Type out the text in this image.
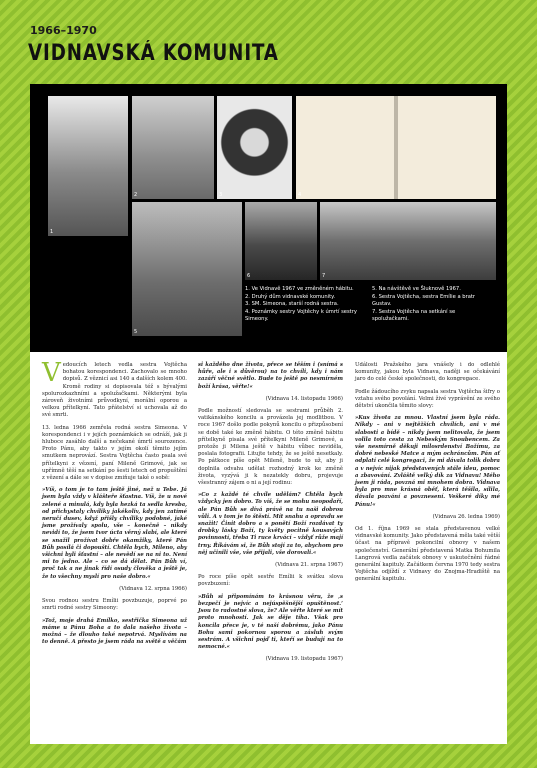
1966–1970
VIDNAVSKÁ KOMUNITA
1
2	3	4
5
6	7
1. Ve Vidnavě 1967 ve změněném hábitu.
2. Druhý dům vidnavské komunity.
3. SM. Simeona, starší rodná sestra.
4. Poznámky sestry Vojtěchy k úmrtí sestry Simeony.
5. Na návštěvě ve Šluknově 1967.
6. Sestra Vojtěcha, sestra Emílie a bratr Gustav.
7. Sestra Vojtěcha na setkání se spolužačkami.

Vedoucích letech vedla sestra Vojtěcha bohatou korespondenci. Zachovalo se mnoho dopisů. Z věznicí asi 140 a dalších kolem 400. Kromě rodiny si dopisovala též s bývalými spolurozkazhními a spolužačkami. Některými byla zároveň životními průvodkyní, morální oporou a velkou přítelkyní. Tato přátelství si uchovala až do své smrti.

13. ledna 1966 zemřela rodná sestra Simeona. V korespondenci i v jejích poznámkách se odráží, jak ji hluboce zasáhlo další a nečekané úmrtí sourozence. Proto Pánu, aby takto v jejím okolí těmito jejím smutkem neprovází. Sestra Vojtěcha často psala své přítelkyni z vězení, paní Mileně Grimové, jak se upřímně těší na setkání po šesti letech od propuštění z vězení a dále se v dopise zmiňuje také o sobě:

»Víš, o tom je to tam ještě jiné, než u Tebe. Já jsem byla vždy v klášteře šťastna. Víš, že u nové zelené a minulá, kdy byla hezká ta sedla kresba, od přichystaly chvíliky jakékoliv, kdy jen zatímé neručí dusev, když přišly chvíliky podobné, jaké jsme prožívaly spolu, vše – konečně – nikdy nevidí to, že jsem tvor úcta věrný slabí, ale které se snažil prožívat dobře okamžiky, které Pán Bůh posílá či dopouští. Chtěla bych, Mileno, aby všichni byli šťastní – ale nevědí se na ni to. Není mi to jedno. Ale – co se dá dělat. Pán Bůh ví, proč tak a ne jinak řídí osudy člověka a ještě je, že to všechny myslí pro naše dobro.«

(Vidnava 12. srpna 1966)

Svou rodnou sestru Emílii povzbuzuje, poprvé po smrti rodné sestry Simeony:

»Tož, moje drahá Emílko, sestřička Simeona už máme u Pánu Boha a to dala našeho života – možná – že dlouho také nepotrvá. Myslívám na to denně. A přesto je jsem ráda na světě a věčám

si každého dne života, přece se těším i (snímá s hůře, ale i s důvěrou) na to chvíli, kdy i nám zazáří věčné světlo. Bude to ještě po nesmírném boží krása, věřte!«

(Vidnava 14. listopadu 1966)

Podle možností sledovala se sestrami průběh 2. vatikánského koncilu a provázela jej modlitbou. V roce 1967 došlo podle pokynů koncilu o přizpůsobení se době také ke změně hábitu. O této změně hábitu přítelkyně pisala své přítelkyni Mileně Grimové, a protože ji Milena ještě v hábitu vůbec neviděla, poslala fotografii. Litujte tehdy, že se ještě nesetkaly. Po pátkoce píše opět Mileně, bude to už, aby ji doplnila odvahu udělat rozhodný krok ke změně života, vyzývá ji k nezatekly dobru, projevuje všestranný zájem o ni a její rodinu:

»Co z každé té chvíle udělám? Chtěla bych vždycky jen dobro. To víš, že se mohu neopodaří, ale Pán Bůh se dívá právě na tu naši dobrou vůli. A v tom je to štěstí. Mít snahu a opravdu se snažit! Činit dobro a s ponětí Boží rozdávat ty drobky lásky Boží, ty květy pocitně kousavých povinností, třeba Ti ruce krvácí – vždyť růže mají trny. Říkávám si, že Bůh stojí za to, abychom pro něj učinili vše, vše přijali, vše dorovali.«

(Vidnava 21. srpna 1967)

Po roce píše opět sestře Emílii k svátku slova povzbuzení:

»Bůh si připomínám to krásnou věru, že ‚s bezpečí je nejvíc a nejúspěšnější opuštěnost.‘ Jsou to radostné slova, že? Ale věřte které se mít proto mnohostí. Jak se děje tíha. Však pro koncila přece je, v té naší dobrému, jako Pánu Bohu sami pokornou sporou a zásluh svým sestrám. A všichni pojď ti, kteří se budují na to nemocné.«

(Vidnava 19. listopadu 1967)

Události Pražského jara vnášely i do odlehlé komunity, jakou byla Vidnava, naději se očekávání jaro do celé české společnosti, do kongregace.

Podle žádoucího zvyku napsala sestra Vojtěcha šifry o vztahu svého povolání. Velmi živé vyprávění ze svého dětství ukončila těmito slovy:

»Kus života za mnou. Vlastní jsem byla ráda. Nikdy – ani v nejtěžších chvílích, ani v mé slabosti a bídě – nikdy jsem nelitovala, že jsem volila toto cesta za Nebeským Snoubencem. Za vše nesmírně děkuji milosrdenství Božímu, za dobré nebeské Matce a mým ochráncům. Pán ať odplatí celé kongregaci, že mi dávala tolik dobra a v nejvíc nijak představených stále ideu, pomoc a zbavování. Zvláště velký dík za Vidnavu! Mého jsem ji ráda, povzná mi mnohem dobra. Vidnava byla pro mne krásná oběť, která těšila, sílila, dávala pozvání a povznesení. Veškeré díky mé Pánu!«

(Vidnava 26. ledna 1969)

Od 1. října 1969 se stala představenou velké vidnavské komunity. Jako představená měla také větší účast na přípravě pokoncilní obnovy v našem společenství. Generální představená Matka Bohumila Langrová vedla začátek obnovy v uskutečnění řádné generální kapituly. Začátkem června 1970 tedy sestra Vojtěcha odjíždí z Vidnavy do Znojma-Hradiště na generální kapitulu.
